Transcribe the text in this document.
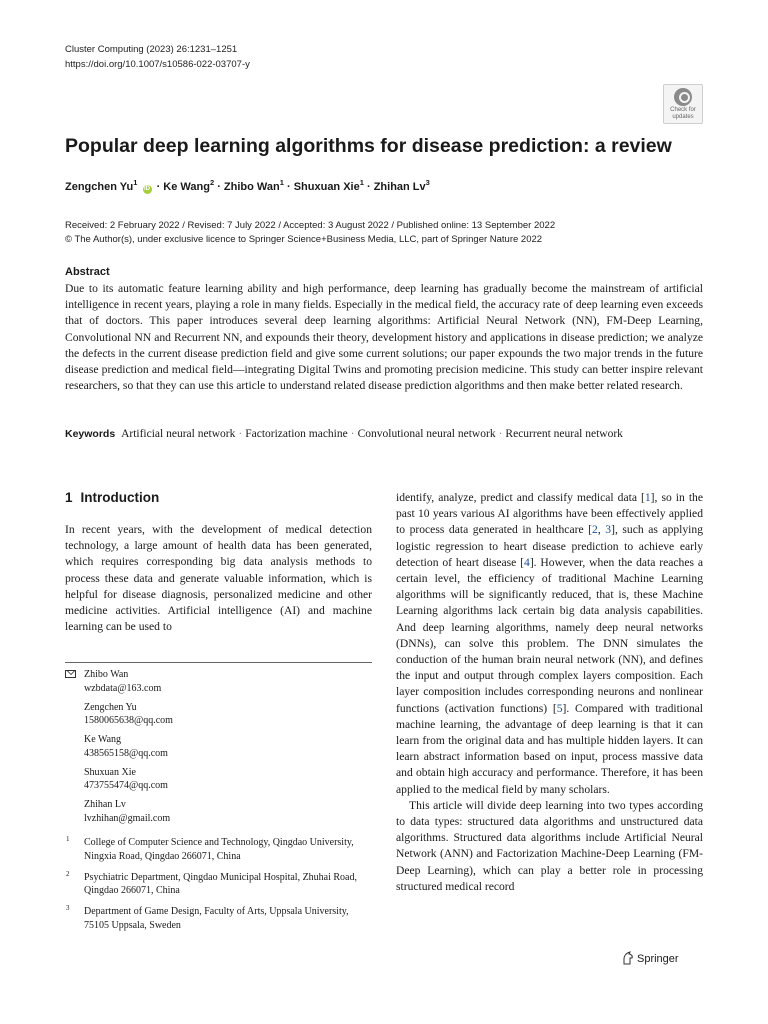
Cluster Computing (2023) 26:1231–1251
https://doi.org/10.1007/s10586-022-03707-y
Check for
updates
Popular deep learning algorithms for disease prediction: a review
Zengchen Yu$^1$ iD · Ke Wang$^2$ · Zhibo Wan$^1$ · Shuxuan Xie$^1$ · Zhihan Lv$^3$
Received: 2 February 2022 / Revised: 7 July 2022 / Accepted: 3 August 2022 / Published online: 13 September 2022
© The Author(s), under exclusive licence to Springer Science+Business Media, LLC, part of Springer Nature 2022
Abstract

Due to its automatic feature learning ability and high performance, deep learning has gradually become the mainstream of artificial intelligence in recent years, playing a role in many fields. Especially in the medical field, the accuracy rate of deep learning even exceeds that of doctors. This paper introduces several deep learning algorithms: Artificial Neural Network (NN), FM-Deep Learning, Convolutional NN and Recurrent NN, and expounds their theory, development history and applications in disease prediction; we analyze the defects in the current disease prediction field and give some current solutions; our paper expounds the two major trends in the future disease prediction and medical field—integrating Digital Twins and promoting precision medicine. This study can better inspire relevant researchers, so that they can use this article to understand related disease prediction algorithms and then make better related research.

Keywords Artificial neural network · Factorization machine · Convolutional neural network · Recurrent neural network
1 Introduction

In recent years, with the development of medical detection technology, a large amount of health data has been generated, which requires corresponding big data analysis methods to process these data and generate valuable information, which is helpful for disease diagnosis, personalized medicine and other medicine activities. Artificial intelligence (AI) and machine learning can be used to

Zhibo Wan
wzbdata@163.com
Zengchen Yu
1580065638@qq.com
Ke Wang
438565158@qq.com
Shuxuan Xie
473755474@qq.com
Zhihan Lv
lvzhihan@gmail.com
1 College of Computer Science and Technology, Qingdao University, Ningxia Road, Qingdao 266071, China
2 Psychiatric Department, Qingdao Municipal Hospital, Zhuhai Road, Qingdao 266071, China
3 Department of Game Design, Faculty of Arts, Uppsala University, 75105 Uppsala, Sweden

identify, analyze, predict and classify medical data [1], so in the past 10 years various AI algorithms have been effectively applied to process data generated in healthcare [2, 3], such as applying logistic regression to heart disease prediction to achieve early detection of heart disease [4]. However, when the data reaches a certain level, the efficiency of traditional Machine Learning algorithms will be significantly reduced, that is, these Machine Learning algorithms lack certain big data analysis capabilities. And deep learning algorithms, namely deep neural networks (DNNs), can solve this problem. The DNN simulates the conduction of the human brain neural network (NN), and defines the input and output through complex layers composition. Each layer composition includes corresponding neurons and nonlinear functions (activation functions) [5]. Compared with traditional machine learning, the advantage of deep learning is that it can learn from the original data and has multiple hidden layers. It can learn abstract information based on input, process massive data and obtain high accuracy and performance. Therefore, it has been applied to the medical field by many scholars.

This article will divide deep learning into two types according to data types: structured data algorithms and unstructured data algorithms. Structured data algorithms include Artificial Neural Network (ANN) and Factorization Machine-Deep Learning (FM-Deep Learning), which can play a better role in processing structured medical record

Springer
